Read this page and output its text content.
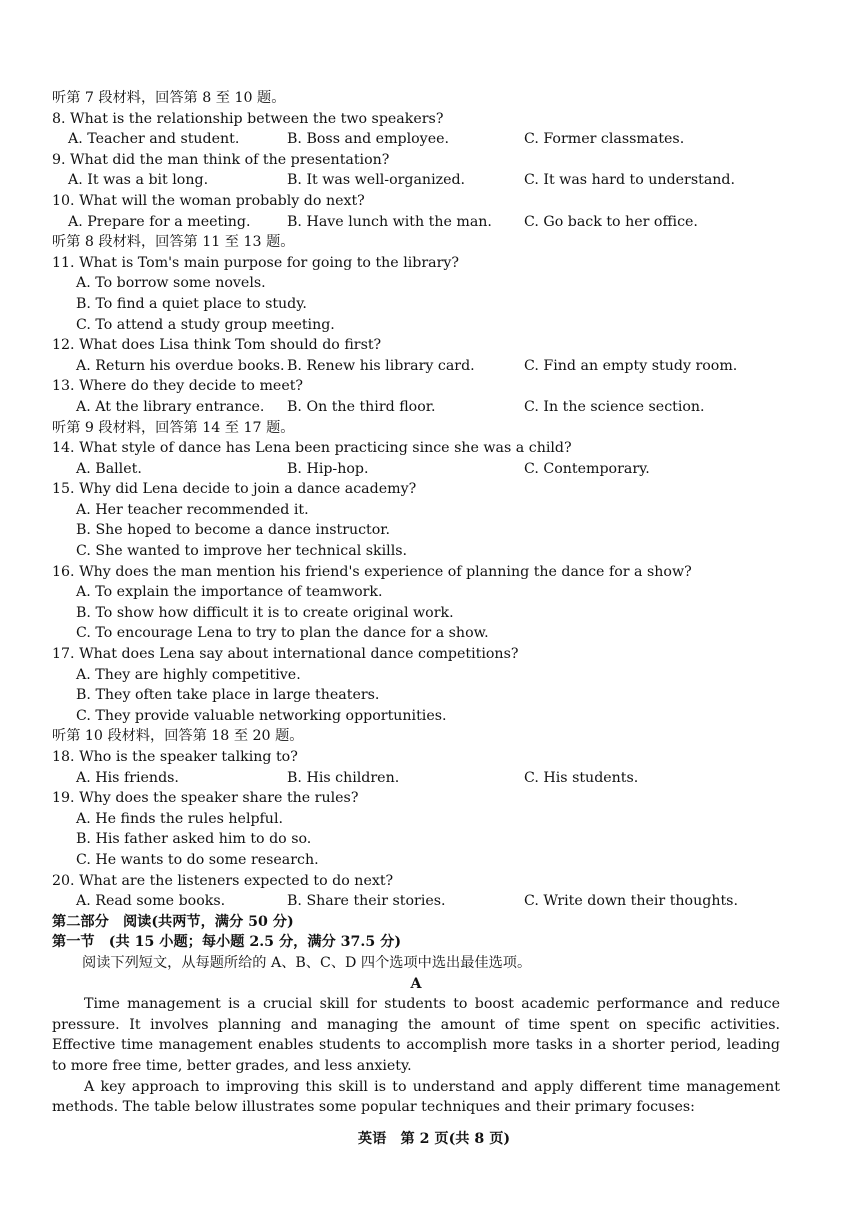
听第 7 段材料，回答第 8 至 10 题。
8. What is the relationship between the two speakers?
A. Teacher and student.	B. Boss and employee.	C. Former classmates.
9. What did the man think of the presentation?
A. It was a bit long.	B. It was well-organized.	C. It was hard to understand.
10. What will the woman probably do next?
A. Prepare for a meeting.	B. Have lunch with the man. C. Go back to her office.
听第 8 段材料，回答第 11 至 13 题。
11. What is Tom's main purpose for going to the library?
A. To borrow some novels.
B. To find a quiet place to study.
C. To attend a study group meeting.
12. What does Lisa think Tom should do first?
A. Return his overdue books. B. Renew his library card.	C. Find an empty study room.
13. Where do they decide to meet?
A. At the library entrance. B. On the third floor.	C. In the science section.
听第 9 段材料，回答第 14 至 17 题。
14. What style of dance has Lena been practicing since she was a child?
A. Ballet.	B. Hip-hop.	C. Contemporary.
15. Why did Lena decide to join a dance academy?
A. Her teacher recommended it.
B. She hoped to become a dance instructor.
C. She wanted to improve her technical skills.
16. Why does the man mention his friend's experience of planning the dance for a show?
A. To explain the importance of teamwork.
B. To show how difficult it is to create original work.
C. To encourage Lena to try to plan the dance for a show.
17. What does Lena say about international dance competitions?
A. They are highly competitive.
B. They often take place in large theaters.
C. They provide valuable networking opportunities.
听第 10 段材料，回答第 18 至 20 题。
18. Who is the speaker talking to?
A. His friends.	B. His children.	C. His students.
19. Why does the speaker share the rules?
A. He finds the rules helpful.
B. His father asked him to do so.
C. He wants to do some research.
20. What are the listeners expected to do next?
A. Read some books.	B. Share their stories.	C. Write down their thoughts.
第二部分　阅读(共两节，满分 50 分)
第一节　(共 15 小题；每小题 2.5 分，满分 37.5 分)
阅读下列短文，从每题所给的 A、B、C、D 四个选项中选出最佳选项。
A

Time management is a crucial skill for students to boost academic performance and reduce pressure. It involves planning and managing the amount of time spent on specific activities. Effective time management enables students to accomplish more tasks in a shorter period, leading to more free time, better grades, and less anxiety.

A key approach to improving this skill is to understand and apply different time management methods. The table below illustrates some popular techniques and their primary focuses:

英语　第 2 页(共 8 页)
